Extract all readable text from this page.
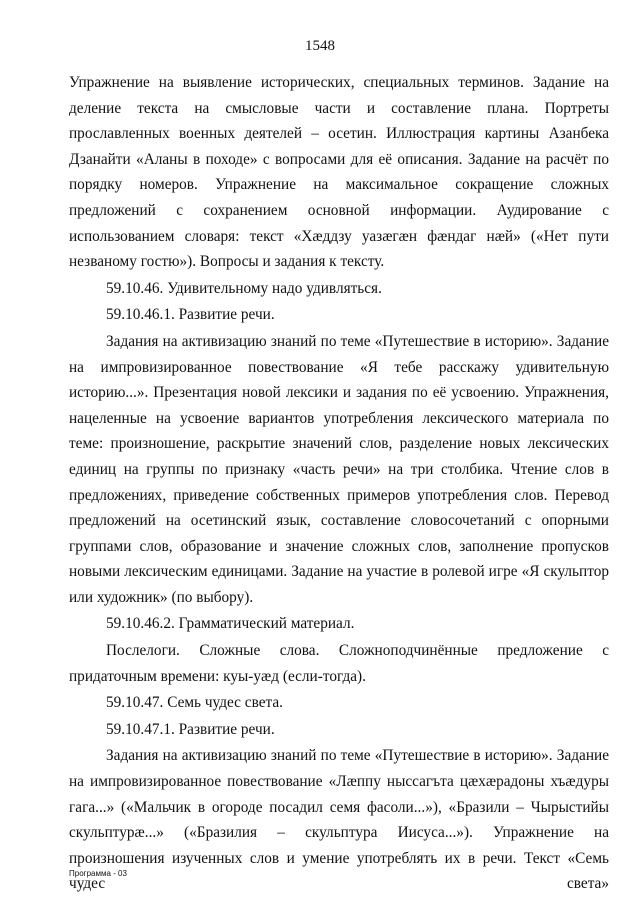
1548

Упражнение на выявление исторических, специальных терминов. Задание на деление текста на смысловые части и составление плана. Портреты прославленных военных деятелей – осетин. Иллюстрация картины Азанбека Дзанайти «Аланы в походе» с вопросами для её описания. Задание на расчёт по порядку номеров. Упражнение на максимальное сокращение сложных предложений с сохранением основной информации. Аудирование с использованием словаря: текст «Хæддзу уазæгæн фæндаг нæй» («Нет пути незваному гостю»). Вопросы и задания к тексту.

59.10.46. Удивительному надо удивляться.

59.10.46.1. Развитие речи.

Задания на активизацию знаний по теме «Путешествие в историю». Задание на импровизированное повествование «Я тебе расскажу удивительную историю...». Презентация новой лексики и задания по её усвоению. Упражнения, нацеленные на усвоение вариантов употребления лексического материала по теме: произношение, раскрытие значений слов, разделение новых лексических единиц на группы по признаку «часть речи» на три столбика. Чтение слов в предложениях, приведение собственных примеров употребления слов. Перевод предложений на осетинский язык, составление словосочетаний с опорными группами слов, образование и значение сложных слов, заполнение пропусков новыми лексическим единицами. Задание на участие в ролевой игре «Я скульптор или художник» (по выбору).

59.10.46.2. Грамматический материал.

Послелоги. Сложные слова. Сложноподчинённые предложение с придаточным времени: куы-уæд (если-тогда).

59.10.47. Семь чудес света.

59.10.47.1. Развитие речи.

Задания на активизацию знаний по теме «Путешествие в историю». Задание на импровизированное повествование «Лæппу ныссагъта цæхæрадоны хъæдуры гага...» («Мальчик в огороде посадил семя фасоли...»), «Бразили – Чырыстийы скульптурæ...» («Бразилия – скульптура Иисуса...»). Упражнение на произношения изученных слов и умение употреблять их в речи. Текст «Семь чудес света»

Программа - 03
